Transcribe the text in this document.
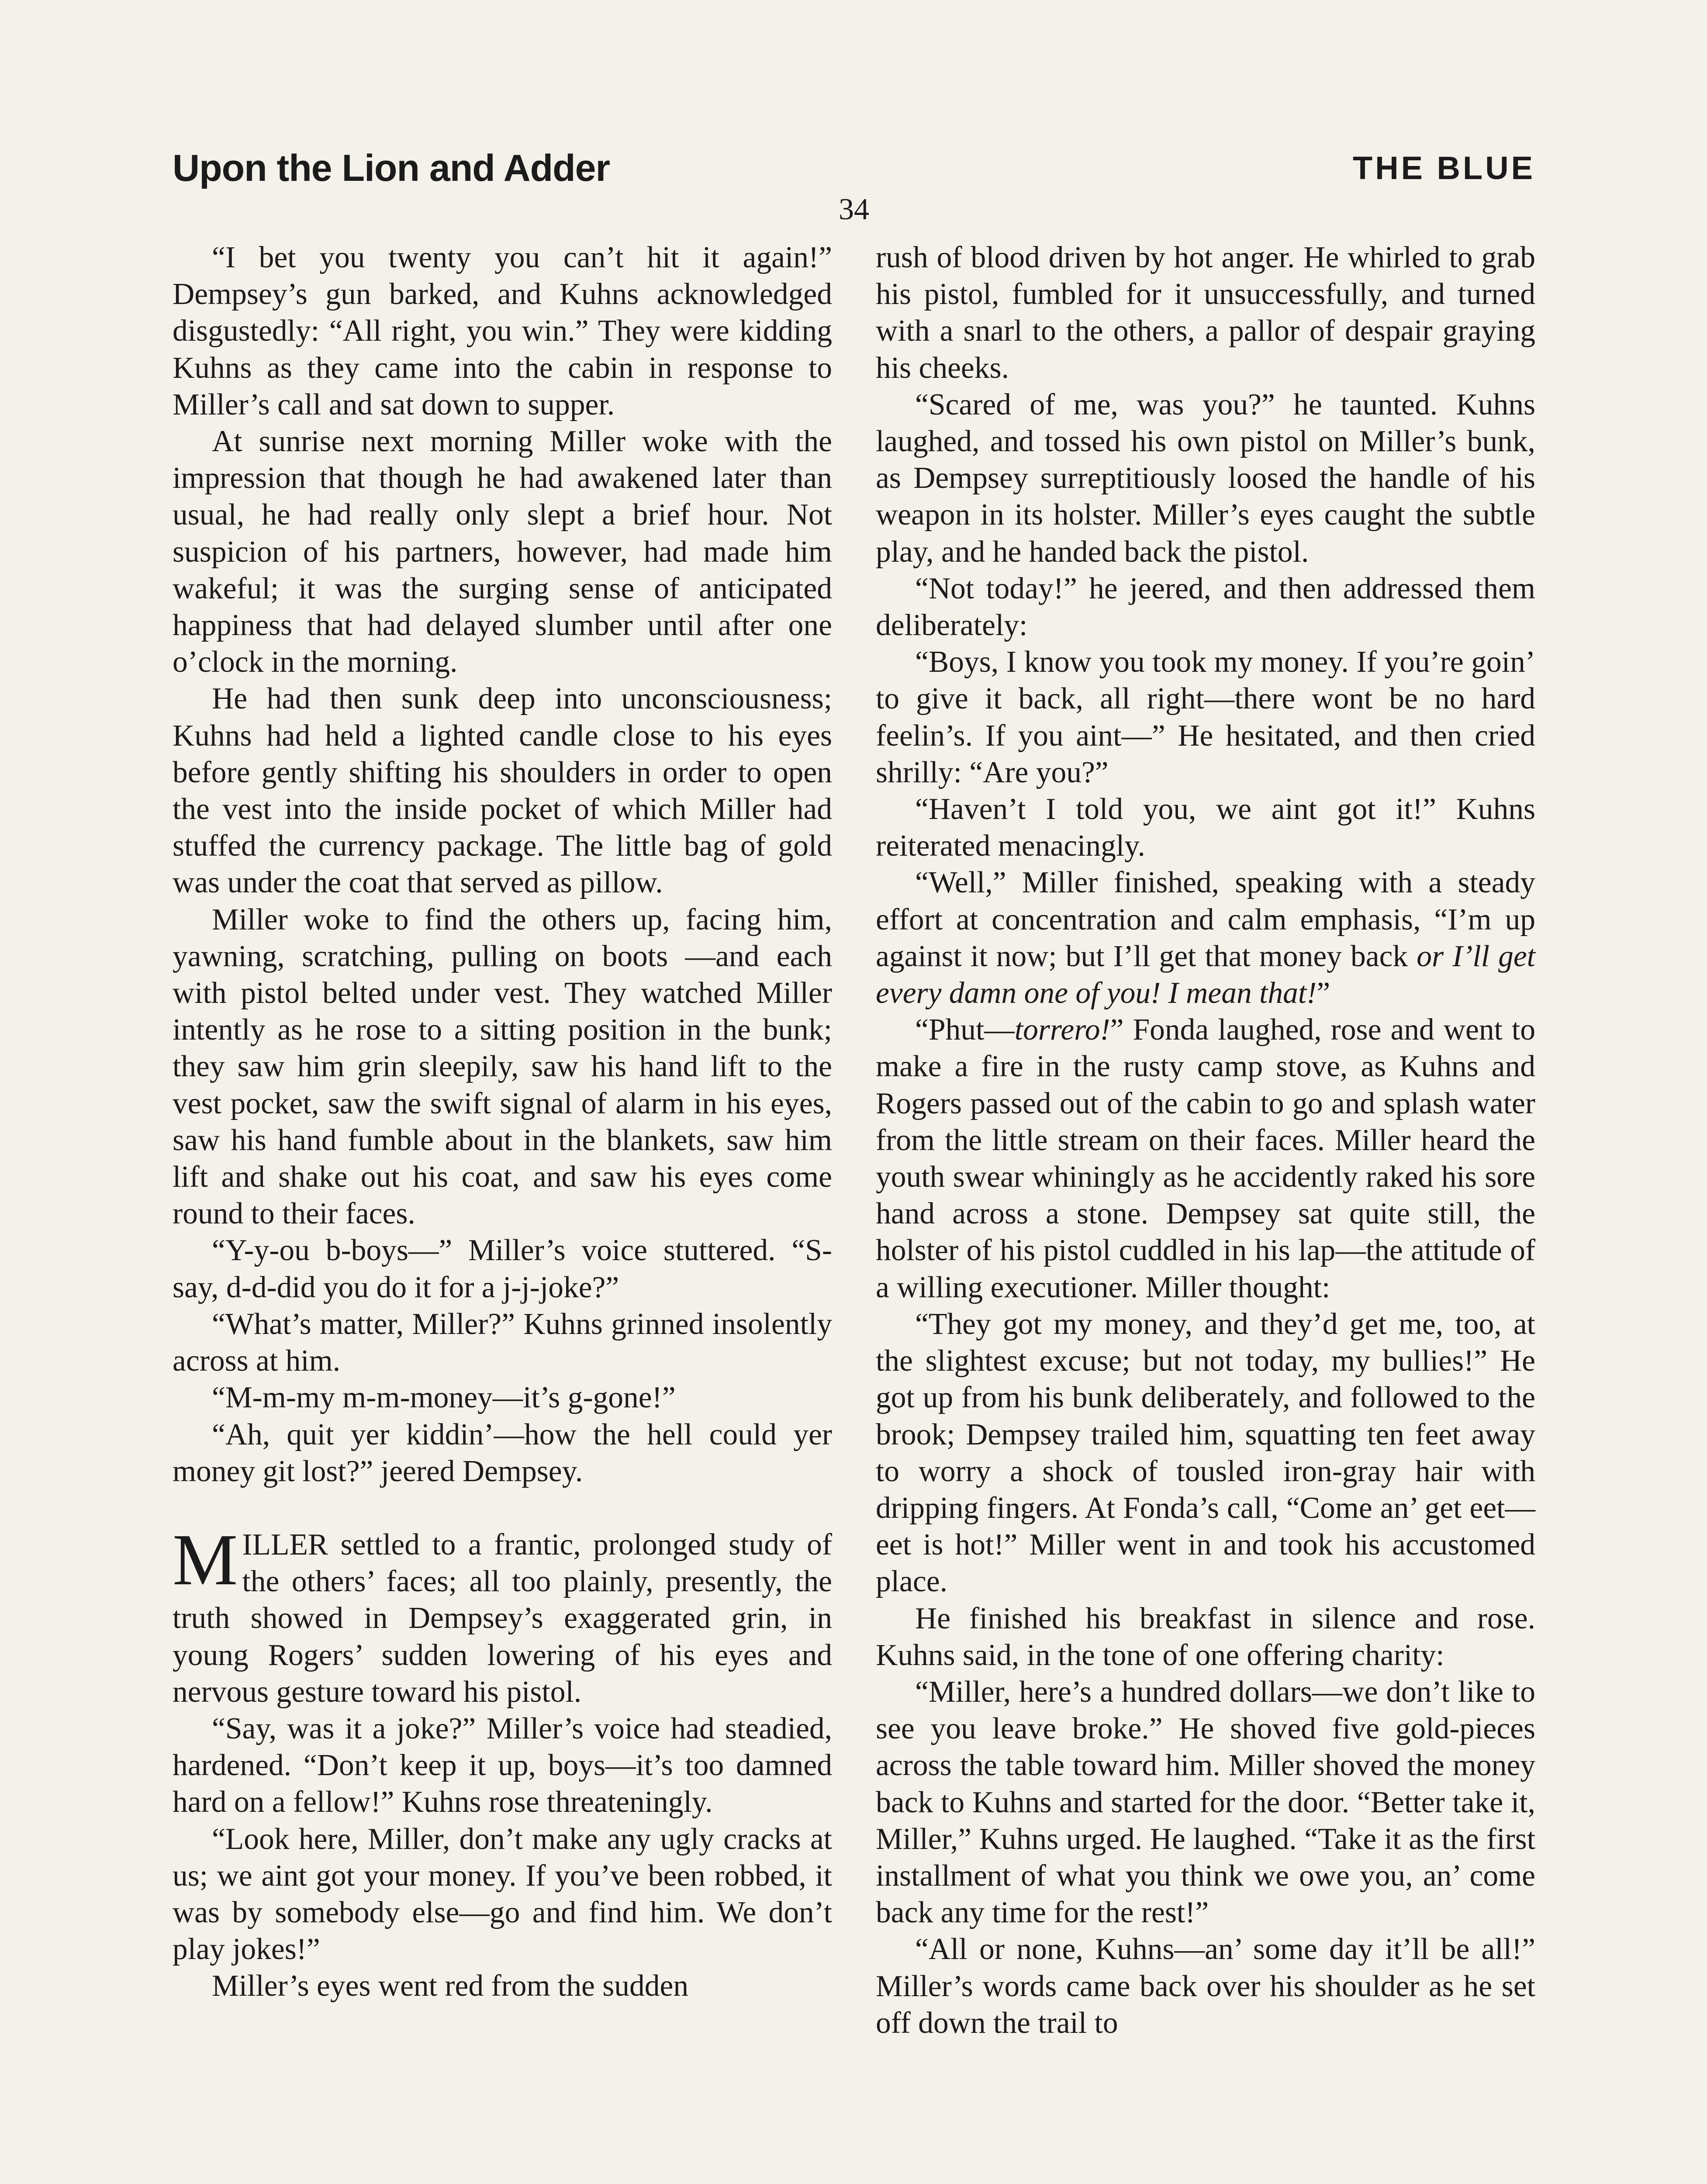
Upon the Lion and Adder	THE BLUE
34

“I bet you twenty you can’t hit it again!” Dempsey’s gun barked, and Kuhns acknowledged disgustedly: “All right, you win.” They were kidding Kuhns as they came into the cabin in response to Miller’s call and sat down to supper.

At sunrise next morning Miller woke with the impression that though he had awakened later than usual, he had really only slept a brief hour. Not suspicion of his partners, however, had made him wakeful; it was the surging sense of anticipated happiness that had delayed slumber until after one o’clock in the morning.

He had then sunk deep into unconsciousness; Kuhns had held a lighted candle close to his eyes before gently shifting his shoulders in order to open the vest into the inside pocket of which Miller had stuffed the currency package. The little bag of gold was under the coat that served as pillow.

Miller woke to find the others up, facing him, yawning, scratching, pulling on boots —and each with pistol belted under vest. They watched Miller intently as he rose to a sitting position in the bunk; they saw him grin sleepily, saw his hand lift to the vest pocket, saw the swift signal of alarm in his eyes, saw his hand fumble about in the blankets, saw him lift and shake out his coat, and saw his eyes come round to their faces.

“Y-y-ou b-boys—” Miller’s voice stuttered. “S-say, d-d-did you do it for a j-j-joke?”

“What’s matter, Miller?” Kuhns grinned insolently across at him.

“M-m-my m-m-money—it’s g-gone!”

“Ah, quit yer kiddin’—how the hell could yer money git lost?” jeered Dempsey.

MILLER settled to a frantic, prolonged study of the others’ faces; all too plainly, presently, the truth showed in Dempsey’s exaggerated grin, in young Rogers’ sudden lowering of his eyes and nervous gesture toward his pistol.

“Say, was it a joke?” Miller’s voice had steadied, hardened. “Don’t keep it up, boys—it’s too damned hard on a fellow!” Kuhns rose threateningly.

“Look here, Miller, don’t make any ugly cracks at us; we aint got your money. If you’ve been robbed, it was by somebody else—go and find him. We don’t play jokes!”

Miller’s eyes went red from the sudden

rush of blood driven by hot anger. He whirled to grab his pistol, fumbled for it unsuccessfully, and turned with a snarl to the others, a pallor of despair graying his cheeks.

“Scared of me, was you?” he taunted. Kuhns laughed, and tossed his own pistol on Miller’s bunk, as Dempsey surreptitiously loosed the handle of his weapon in its holster. Miller’s eyes caught the subtle play, and he handed back the pistol.

“Not today!” he jeered, and then addressed them deliberately:

“Boys, I know you took my money. If you’re goin’ to give it back, all right—there wont be no hard feelin’s. If you aint—” He hesitated, and then cried shrilly: “Are you?”

“Haven’t I told you, we aint got it!” Kuhns reiterated menacingly.

“Well,” Miller finished, speaking with a steady effort at concentration and calm emphasis, “I’m up against it now; but I’ll get that money back or I’ll get every damn one of you! I mean that!”

“Phut—torrero!” Fonda laughed, rose and went to make a fire in the rusty camp stove, as Kuhns and Rogers passed out of the cabin to go and splash water from the little stream on their faces. Miller heard the youth swear whiningly as he accidently raked his sore hand across a stone. Dempsey sat quite still, the holster of his pistol cuddled in his lap—the attitude of a willing executioner. Miller thought:

“They got my money, and they’d get me, too, at the slightest excuse; but not today, my bullies!” He got up from his bunk deliberately, and followed to the brook; Dempsey trailed him, squatting ten feet away to worry a shock of tousled iron-gray hair with dripping fingers. At Fonda’s call, “Come an’ get eet—eet is hot!” Miller went in and took his accustomed place.

He finished his breakfast in silence and rose. Kuhns said, in the tone of one offering charity:

“Miller, here’s a hundred dollars—we don’t like to see you leave broke.” He shoved five gold-pieces across the table toward him. Miller shoved the money back to Kuhns and started for the door. “Better take it, Miller,” Kuhns urged. He laughed. “Take it as the first installment of what you think we owe you, an’ come back any time for the rest!”

“All or none, Kuhns—an’ some day it’ll be all!” Miller’s words came back over his shoulder as he set off down the trail to
